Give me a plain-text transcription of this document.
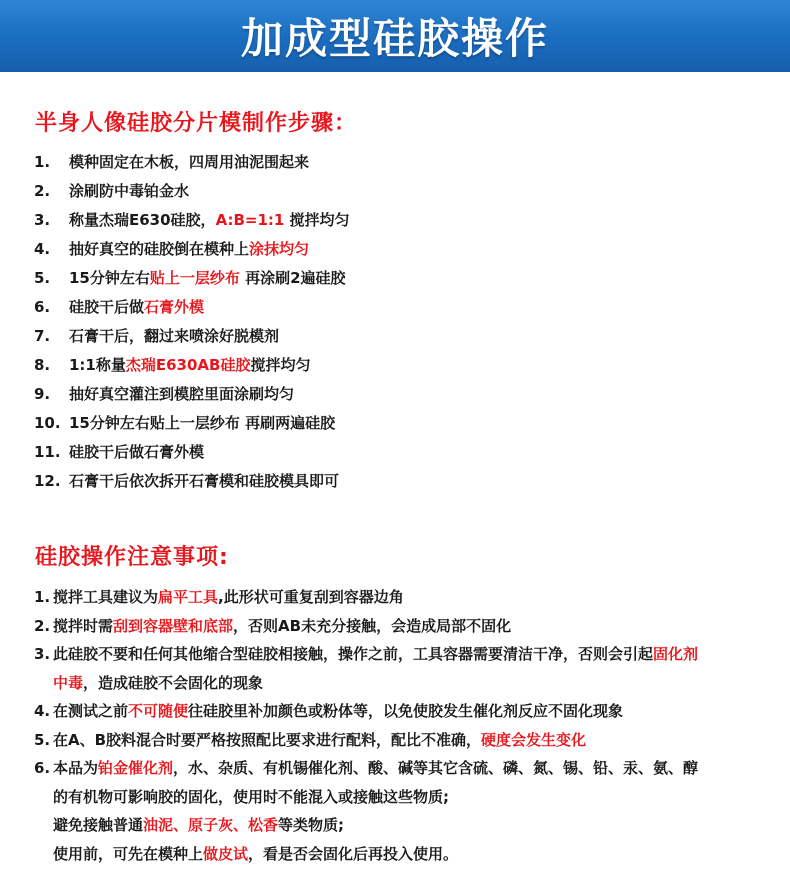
加成型硅胶操作
半身人像硅胶分片模制作步骤：
1.	模种固定在木板，四周用油泥围起来
2.	涂刷防中毒铂金水
3.	称量杰瑞E630硅胶，A:B=1:1 搅拌均匀
4.	抽好真空的硅胶倒在模种上涂抹均匀
5.	15分钟左右贴上一层纱布 再涂刷2遍硅胶
6.	硅胶干后做石膏外模
7.	石膏干后，翻过来喷涂好脱模剂
8.	1:1称量杰瑞E630AB硅胶搅拌均匀
9.	抽好真空灌注到模腔里面涂刷均匀
10. 15分钟左右贴上一层纱布 再刷两遍硅胶
11. 硅胶干后做石膏外模
12. 石膏干后依次拆开石膏模和硅胶模具即可
硅胶操作注意事项:
1. 搅拌工具建议为扁平工具,此形状可重复刮到容器边角
2. 搅拌时需刮到容器壁和底部，否则AB未充分接触，会造成局部不固化
3. 此硅胶不要和任何其他缩合型硅胶相接触，操作之前，工具容器需要清洁干净，否则会引起固化剂
中毒，造成硅胶不会固化的现象
4. 在测试之前不可随便往硅胶里补加颜色或粉体等，以免使胶发生催化剂反应不固化现象
5. 在A、B胶料混合时要严格按照配比要求进行配料，配比不准确，硬度会发生变化
6. 本品为铂金催化剂，水、杂质、有机锡催化剂、酸、碱等其它含硫、磷、氮、锡、铅、汞、氨、醇
的有机物可影响胶的固化，使用时不能混入或接触这些物质;
避免接触普通油泥、原子灰、松香等类物质;
使用前，可先在模种上做皮试，看是否会固化后再投入使用。
